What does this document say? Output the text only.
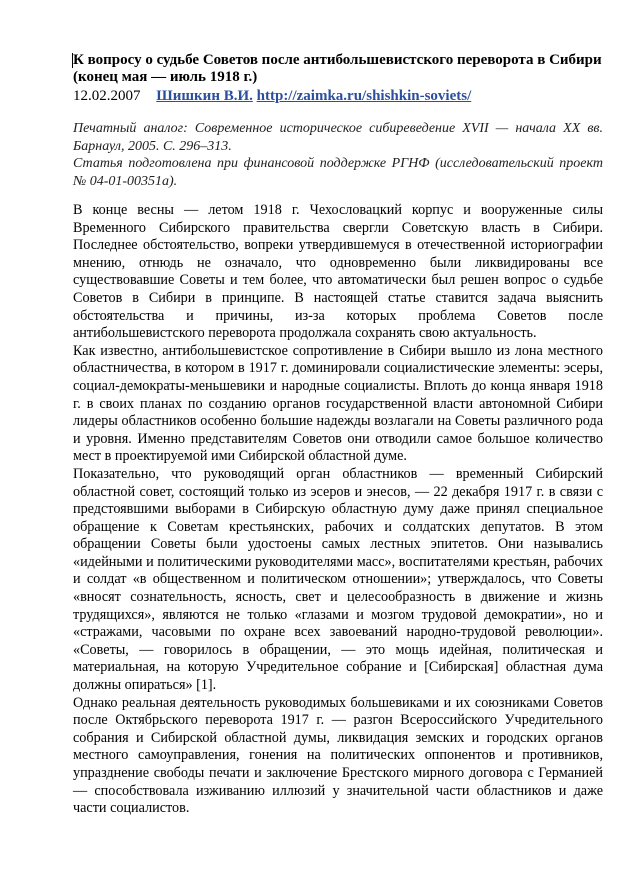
К вопросу о судьбе Советов после антибольшевистского переворота в Сибири (конец мая — июль 1918 г.)
12.02.2007 Шишкин В.И. http://zaimka.ru/shishkin-soviets/

Печатный аналог: Современное историческое сибиреведение XVII — начала XX вв. Барнаул, 2005. С. 296–313.

Статья подготовлена при финансовой поддержке РГНФ (исследовательский проект № 04-01-00351а).

В конце весны — летом 1918 г. Чехословацкий корпус и вооруженные силы Временного Сибирского правительства свергли Советскую власть в Сибири. Последнее обстоятельство, вопреки утвердившемуся в отечественной историографии мнению, отнюдь не означало, что одновременно были ликвидированы все существовавшие Советы и тем более, что автоматически был решен вопрос о судьбе Советов в Сибири в принципе. В настоящей статье ставится задача выяснить обстоятельства и причины, из-за которых проблема Советов после антибольшевистского переворота продолжала сохранять свою актуальность.

Как известно, антибольшевистское сопротивление в Сибири вышло из лона местного областничества, в котором в 1917 г. доминировали социалистические элементы: эсеры, социал-демократы-меньшевики и народные социалисты. Вплоть до конца января 1918 г. в своих планах по созданию органов государственной власти автономной Сибири лидеры областников особенно большие надежды возлагали на Советы различного рода и уровня. Именно представителям Советов они отводили самое большое количество мест в проектируемой ими Сибирской областной думе.

Показательно, что руководящий орган областников — временный Сибирский областной совет, состоящий только из эсеров и энесов, — 22 декабря 1917 г. в связи с предстоявшими выборами в Сибирскую областную думу даже принял специальное обращение к Советам крестьянских, рабочих и солдатских депутатов. В этом обращении Советы были удостоены самых лестных эпитетов. Они назывались «идейными и политическими руководителями масс», воспитателями крестьян, рабочих и солдат «в общественном и политическом отношении»; утверждалось, что Советы «вносят сознательность, ясность, свет и целесообразность в движение и жизнь трудящихся», являются не только «глазами и мозгом трудовой демократии», но и «стражами, часовыми по охране всех завоеваний народно-трудовой революции». «Советы, — говорилось в обращении, — это мощь идейная, политическая и материальная, на которую Учредительное собрание и [Сибирская] областная дума должны опираться» [1].

Однако реальная деятельность руководимых большевиками и их союзниками Советов после Октябрьского переворота 1917 г. — разгон Всероссийского Учредительного собрания и Сибирской областной думы, ликвидация земских и городских органов местного самоуправления, гонения на политических оппонентов и противников, упразднение свободы печати и заключение Брестского мирного договора с Германией — способствовала изживанию иллюзий у значительной части областников и даже части социалистов.
